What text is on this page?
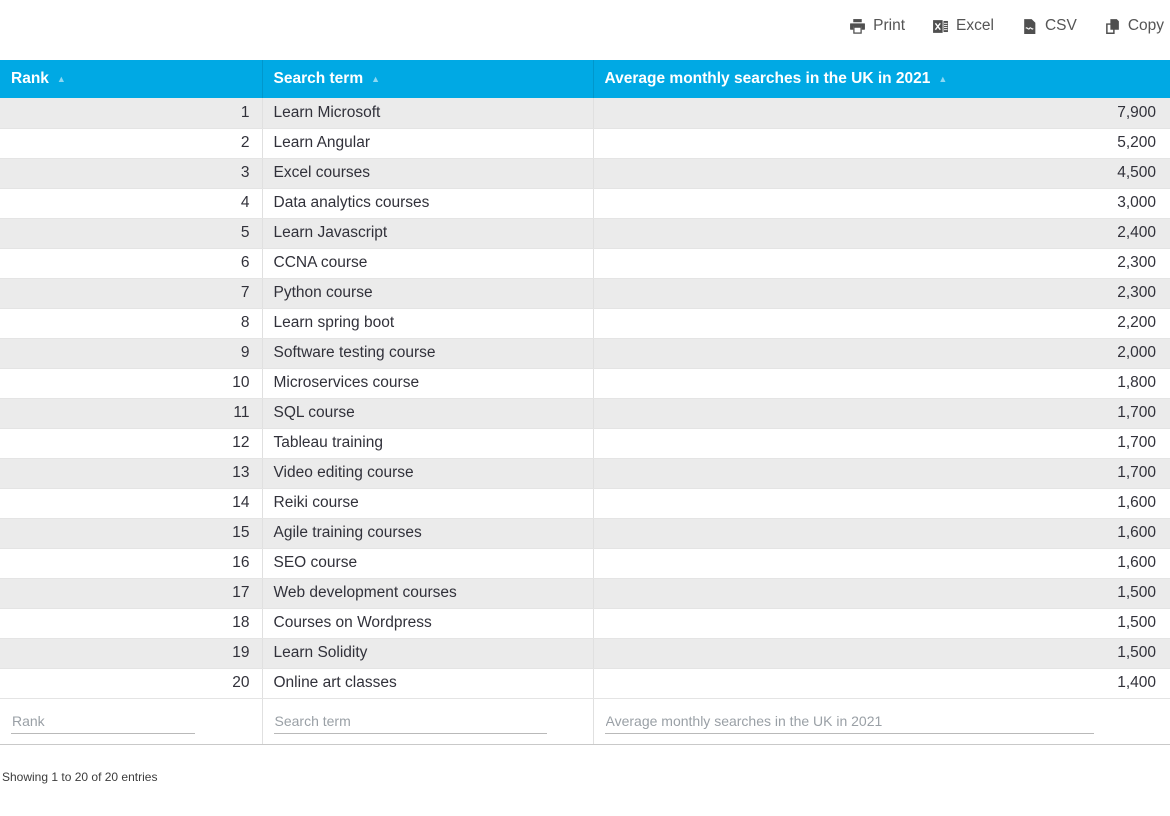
Print	Excel	CSV	Copy
Rank ▲	Search term ▲	Average monthly searches in the UK in 2021 ▲
1	Learn Microsoft	7,900
2	Learn Angular	5,200
3	Excel courses	4,500
4	Data analytics courses	3,000
5	Learn Javascript	2,400
6	CCNA course	2,300
7	Python course	2,300
8	Learn spring boot	2,200
9	Software testing course	2,000
10	Microservices course	1,800
11	SQL course	1,700
12	Tableau training	1,700
13	Video editing course	1,700
14	Reiki course	1,600
15	Agile training courses	1,600
16	SEO course	1,600
17	Web development courses	1,500
18	Courses on Wordpress	1,500
19	Learn Solidity	1,500
20	Online art classes	1,400
Rank	Search term	Average monthly searches in the UK in 2021
Showing 1 to 20 of 20 entries
